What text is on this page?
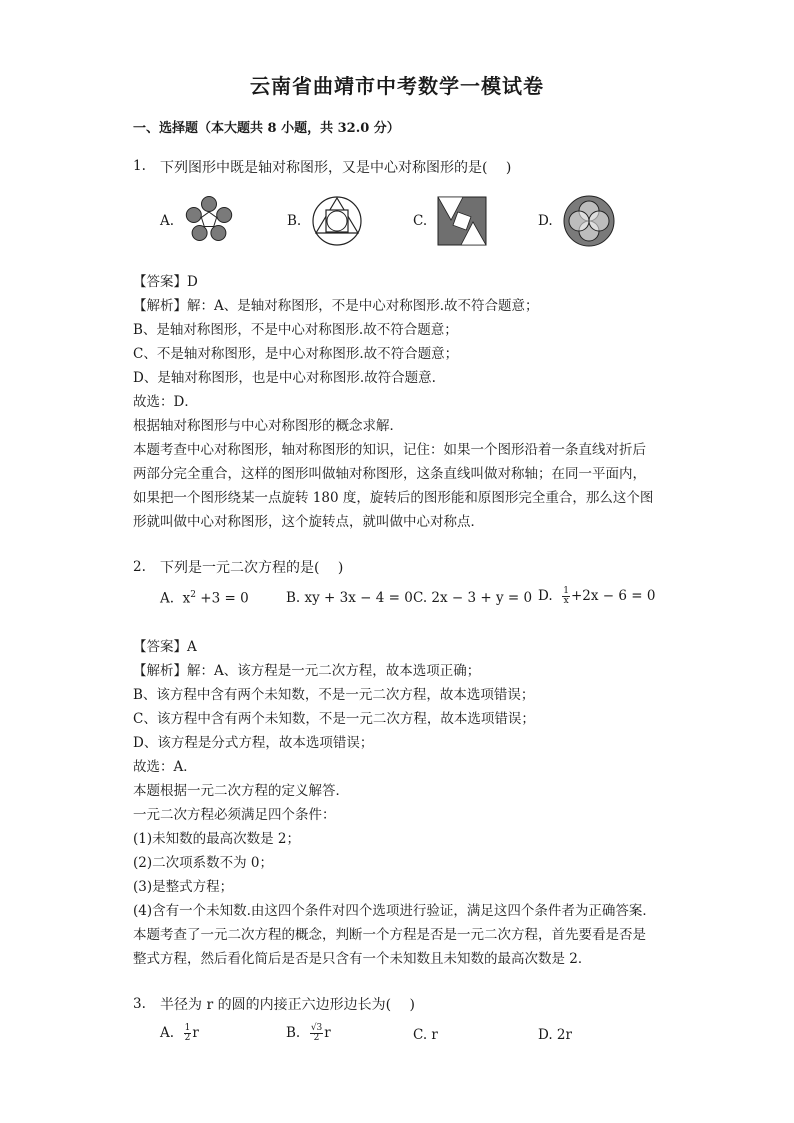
云南省曲靖市中考数学一模试卷
一、选择题（本大题共 8 小题，共 32.0 分）
1. 下列图形中既是轴对称图形，又是中心对称图形的是(　 )
A.	B.	C.	D.
【答案】D
【解析】解：A、是轴对称图形，不是中心对称图形.故不符合题意；
B、是轴对称图形，不是中心对称图形.故不符合题意；
C、不是轴对称图形，是中心对称图形.故不符合题意；
D、是轴对称图形，也是中心对称图形.故符合题意.
故选：D．
根据轴对称图形与中心对称图形的概念求解．
本题考查中心对称图形，轴对称图形的知识，记住：如果一个图形沿着一条直线对折后
两部分完全重合，这样的图形叫做轴对称图形，这条直线叫做对称轴；在同一平面内，
如果把一个图形绕某一点旋转 180 度，旋转后的图形能和原图形完全重合，那么这个图
形就叫做中心对称图形，这个旋转点，就叫做中心对称点．
2. 下列是一元二次方程的是(　 )
A. $x^2 +3 = 0$	B. xy + 3x − 4 = 0 C. 2x − 3 + y = 0 D. $\frac{1}{x} +2x - 6 = 0$
【答案】A
【解析】解：A、该方程是一元二次方程，故本选项正确；
B、该方程中含有两个未知数，不是一元二次方程，故本选项错误；
C、该方程中含有两个未知数，不是一元二次方程，故本选项错误；
D、该方程是分式方程，故本选项错误；
故选：A．
本题根据一元二次方程的定义解答．
一元二次方程必须满足四个条件：
(1)未知数的最高次数是 2；
(2)二次项系数不为 0；
(3)是整式方程；
(4)含有一个未知数.由这四个条件对四个选项进行验证，满足这四个条件者为正确答案．
本题考查了一元二次方程的概念，判断一个方程是否是一元二次方程，首先要看是否是
整式方程，然后看化简后是否是只含有一个未知数且未知数的最高次数是 2．
3. 半径为 r 的圆的内接正六边形边长为(　 )
A. $\frac{1}{2}$ r	B. $\frac{√3}{2}$ r	C. r	D. 2r
